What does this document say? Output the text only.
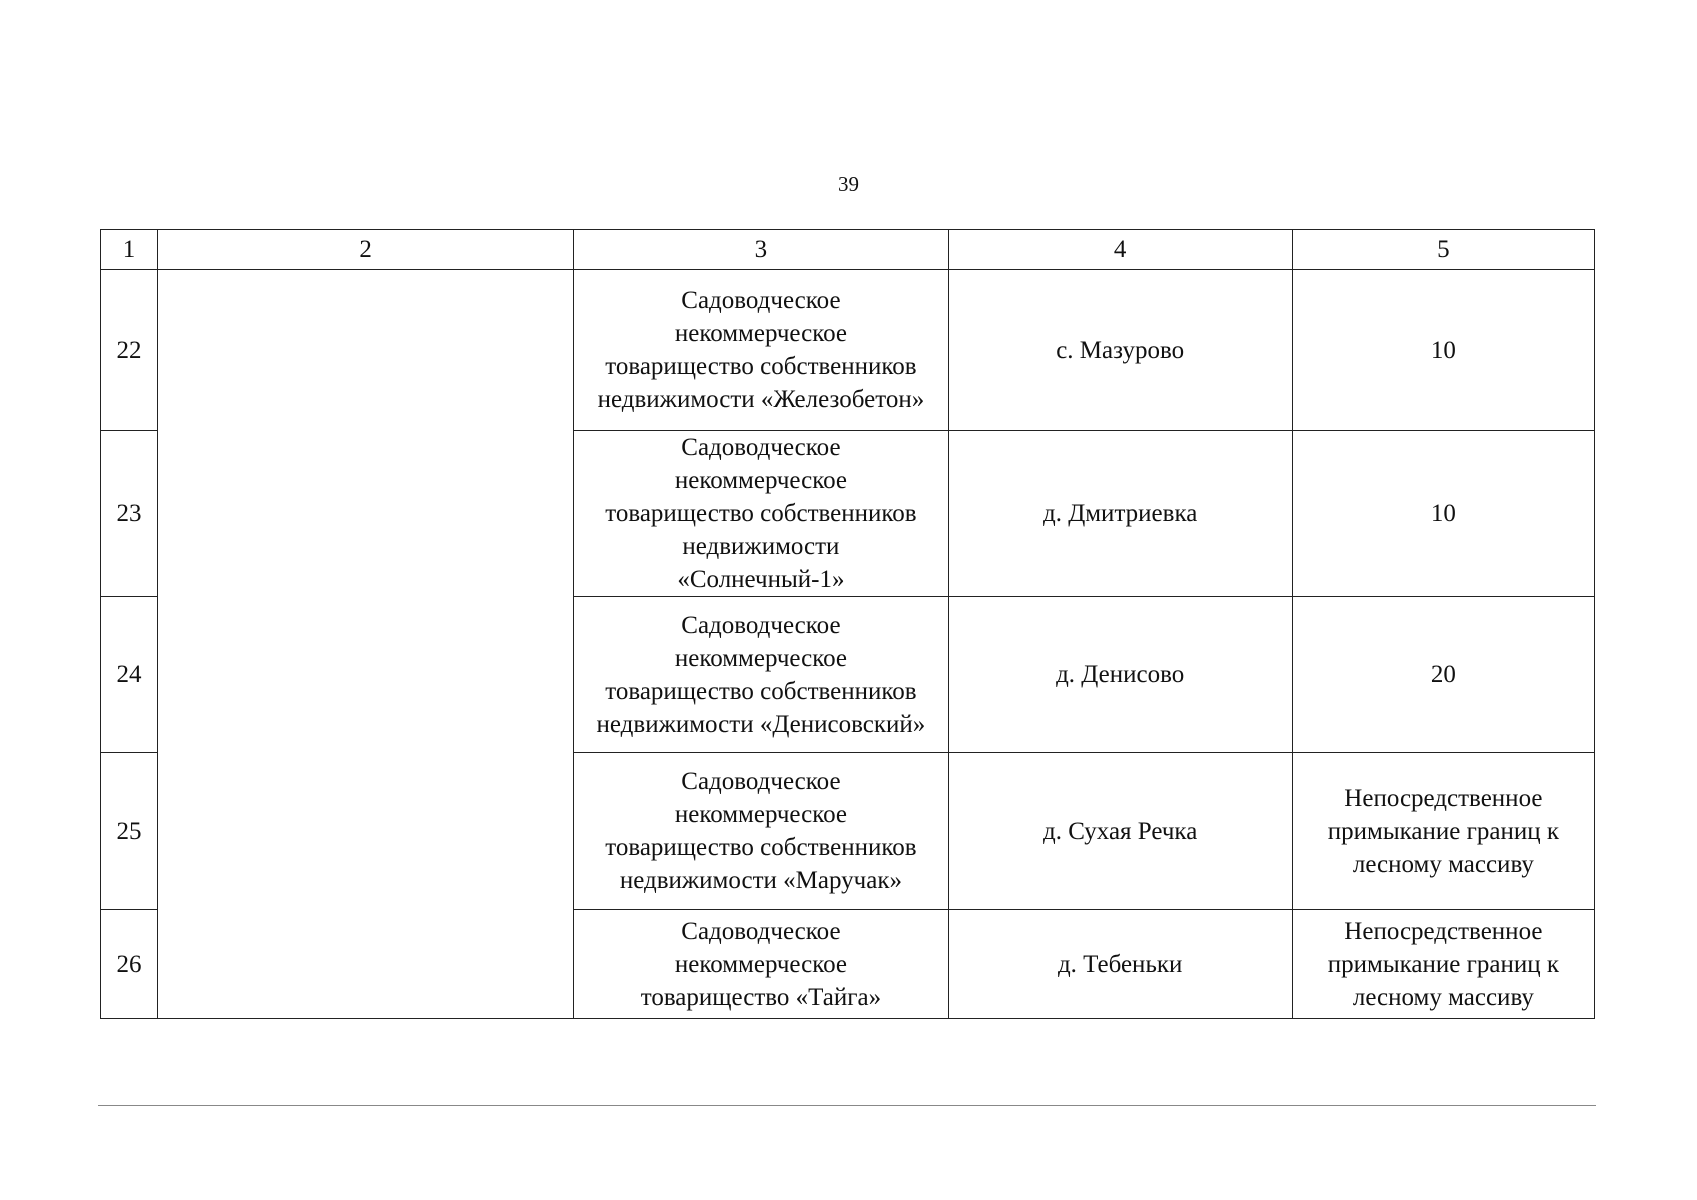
39
1	2	3	4	5
22		Садоводческое
некоммерческое
товарищество собственников
недвижимости «Железобетон»	с. Мазурово	10
23		Садоводческое
некоммерческое
товарищество собственников
недвижимости
«Солнечный-1»	д. Дмитриевка	10
24		Садоводческое
некоммерческое
товарищество собственников
недвижимости «Денисовский»	д. Денисово	20
25		Садоводческое
некоммерческое
товарищество собственников
недвижимости «Маручак»	д. Сухая Речка	Непосредственное
примыкание границ к
лесному массиву
26		Садоводческое
некоммерческое
товарищество «Тайга»	д. Тебеньки	Непосредственное
примыкание границ к
лесному массиву
